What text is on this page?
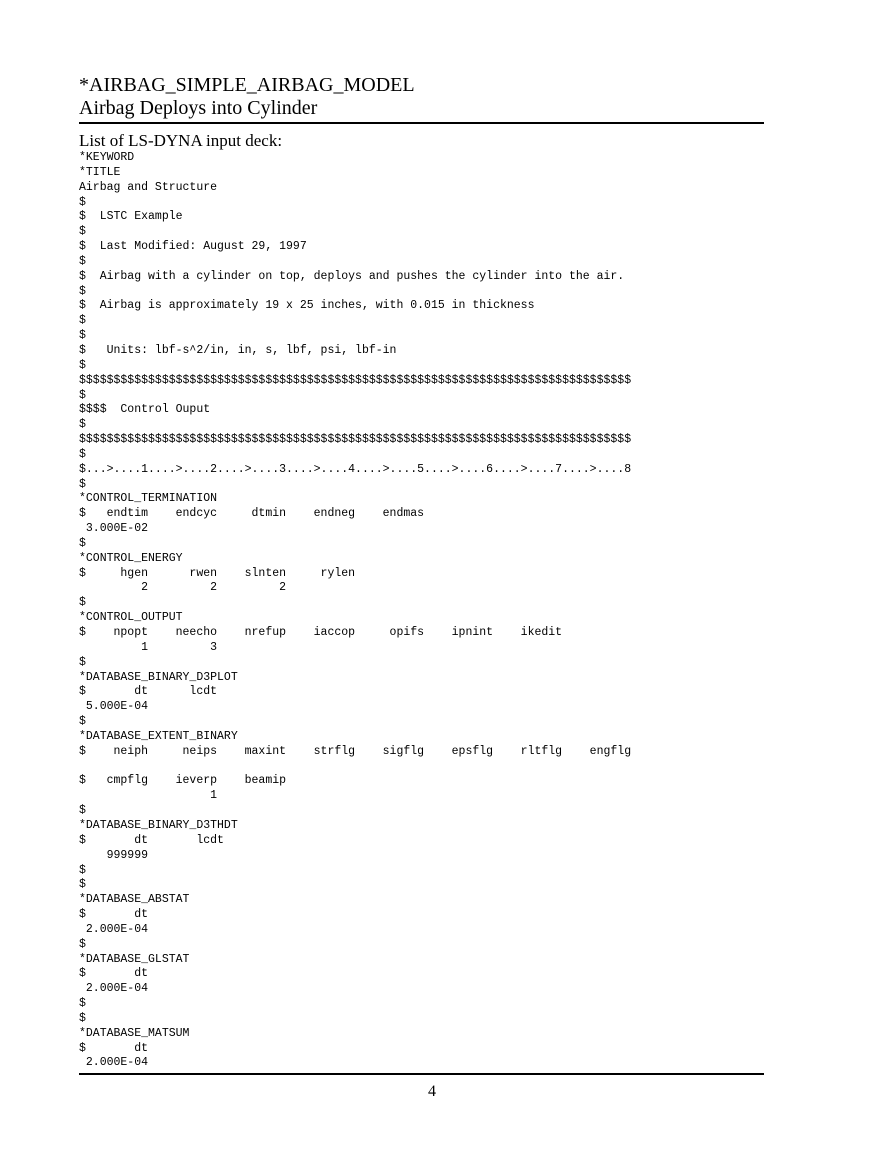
*AIRBAG_SIMPLE_AIRBAG_MODEL
Airbag Deploys into Cylinder
List of LS-DYNA input deck:
*KEYWORD
*TITLE
Airbag and Structure
$
$  LSTC Example
$
$  Last Modified: August 29, 1997
$
$  Airbag with a cylinder on top, deploys and pushes the cylinder into the air.
$
$  Airbag is approximately 19 x 25 inches, with 0.015 in thickness
$
$
$   Units: lbf-s^2/in, in, s, lbf, psi, lbf-in
$
$$$$$$$$$$$$$$$$$$$$$$$$$$$$$$$$$$$$$$$$$$$$$$$$$$$$$$$$$$$$$$$$$$$$$$$$$$$$$$$$
$
$$$$  Control Ouput
$
$$$$$$$$$$$$$$$$$$$$$$$$$$$$$$$$$$$$$$$$$$$$$$$$$$$$$$$$$$$$$$$$$$$$$$$$$$$$$$$$
$
$...>....1....>....2....>....3....>....4....>....5....>....6....>....7....>....8
$
*CONTROL_TERMINATION
$   endtim    endcyc     dtmin    endneg    endmas
3.000E-02
$
*CONTROL_ENERGY
$     hgen      rwen    slnten     rylen
2         2         2
$
*CONTROL_OUTPUT
$    npopt    neecho    nrefup    iaccop     opifs    ipnint    ikedit
1         3
$
*DATABASE_BINARY_D3PLOT
$       dt      lcdt
5.000E-04
$
*DATABASE_EXTENT_BINARY
$    neiph     neips    maxint    strflg    sigflg    epsflg    rltflg    engflg
$   cmpflg    ieverp    beamip
1
$
*DATABASE_BINARY_D3THDT
$       dt       lcdt
999999
$
$
*DATABASE_ABSTAT
$       dt
2.000E-04
$
*DATABASE_GLSTAT
$       dt
2.000E-04
$
$
*DATABASE_MATSUM
$       dt
2.000E-04
4
